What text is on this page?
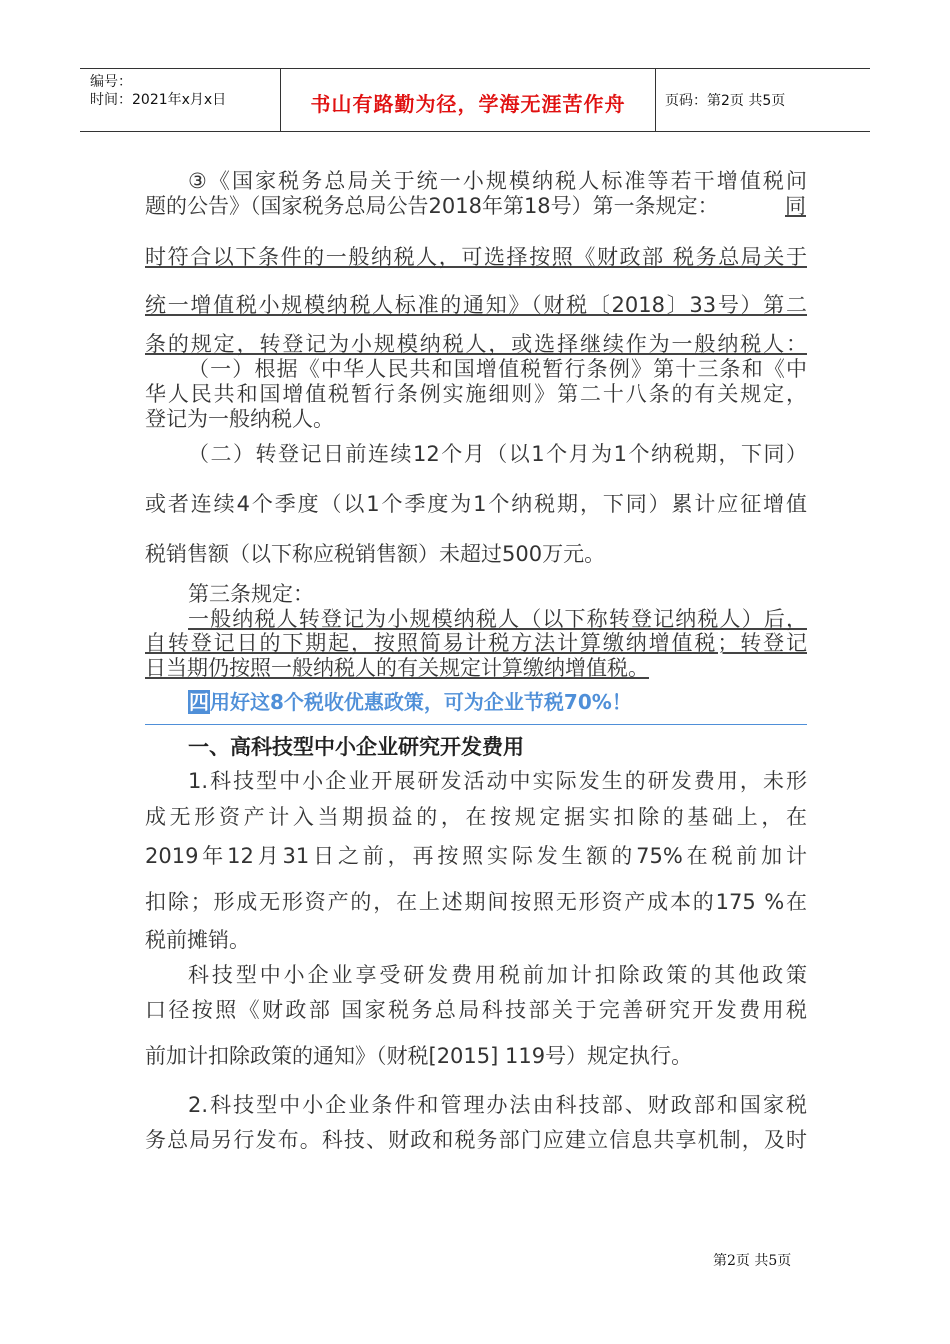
编号：
时间：2021年x月x日	书山有路勤为径，学海无涯苦作舟	页码：第2页 共5页
③《国家税务总局关于统一小规模纳税人标准等若干增值税问
题的公告》（国家税务总局公告2018年第18号）第一条规定：	同
时符合以下条件的一般纳税人，可选择按照《财政部 税务总局关于
统一增值税小规模纳税人标准的通知》（财税〔2018〕33号）第二
条的规定，转登记为小规模纳税人，或选择继续作为一般纳税人：
（一）根据《中华人民共和国增值税暂行条例》第十三条和《中
华人民共和国增值税暂行条例实施细则》第二十八条的有关规定，
登记为一般纳税人。
（二）转登记日前连续12个月（以1个月为1个纳税期，下同）
或者连续4个季度（以1个季度为1个纳税期，下同）累计应征增值
税销售额（以下称应税销售额）未超过500万元。
第三条规定：
一般纳税人转登记为小规模纳税人（以下称转登记纳税人）后，
自转登记日的下期起，按照简易计税方法计算缴纳增值税；转登记
日当期仍按照一般纳税人的有关规定计算缴纳增值税。
四用好这8个税收优惠政策，可为企业节税70%！
一、高科技型中小企业研究开发费用
1.科技型中小企业开展研发活动中实际发生的研发费用，未形
成无形资产计入当期损益的，在按规定据实扣除的基础上，在
2019年12月31日之前，再按照实际发生额的75%在税前加计
扣除；形成无形资产的，在上述期间按照无形资产成本的175 %在
税前摊销。
科技型中小企业享受研发费用税前加计扣除政策的其他政策
口径按照《财政部 国家税务总局科技部关于完善研究开发费用税
前加计扣除政策的通知》（财税[2015] 119号）规定执行。
2.科技型中小企业条件和管理办法由科技部、财政部和国家税
务总局另行发布。科技、财政和税务部门应建立信息共享机制，及时
第2页 共5页
